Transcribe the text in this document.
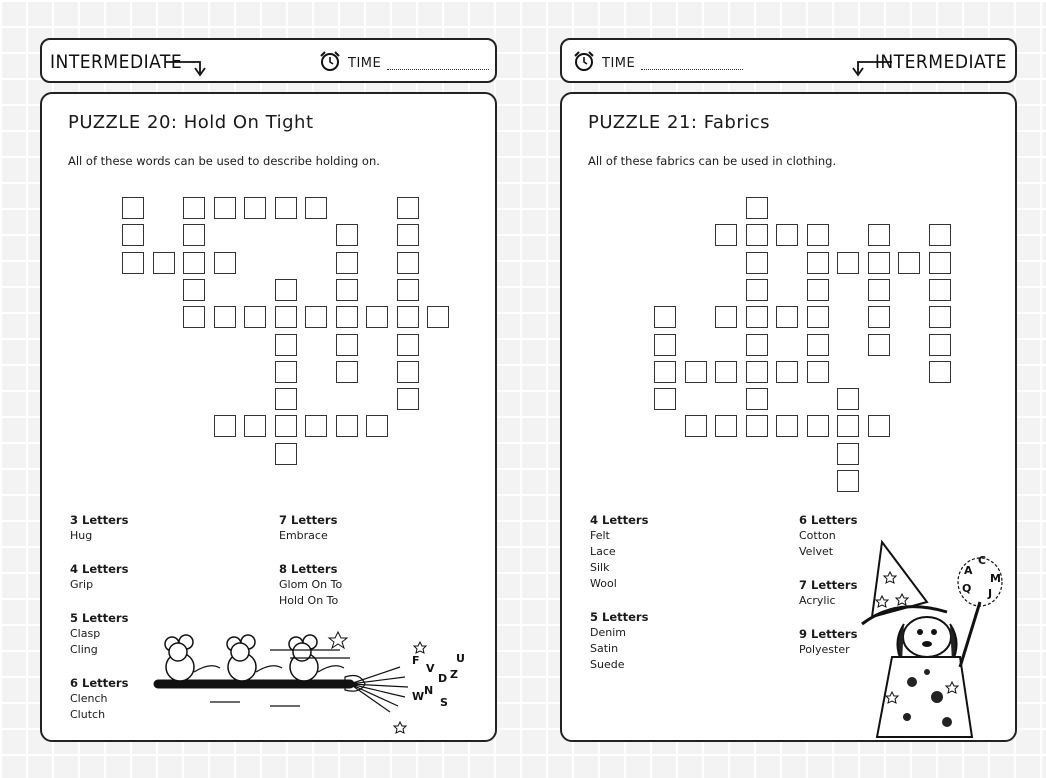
INTERMEDIATE	TIME	TIME	INTERMEDIATE
PUZZLE 20: Hold On Tight
All of these words can be used to describe holding on.
3 Letters
Hug
4 Letters
Grip
5 Letters
Clasp
Cling
6 Letters
Clench
Clutch
7 Letters
Embrace
8 Letters
Glom On To
Hold On To
F
V
D
N
W
U
Z
S
PUZZLE 21: Fabrics
All of these fabrics can be used in clothing.
4 Letters
Felt
Lace
Silk
Wool
5 Letters
Denim
Satin
Suede
6 Letters
Cotton
Velvet
7 Letters
Acrylic
9 Letters
Polyester
A
C
M
Q J
